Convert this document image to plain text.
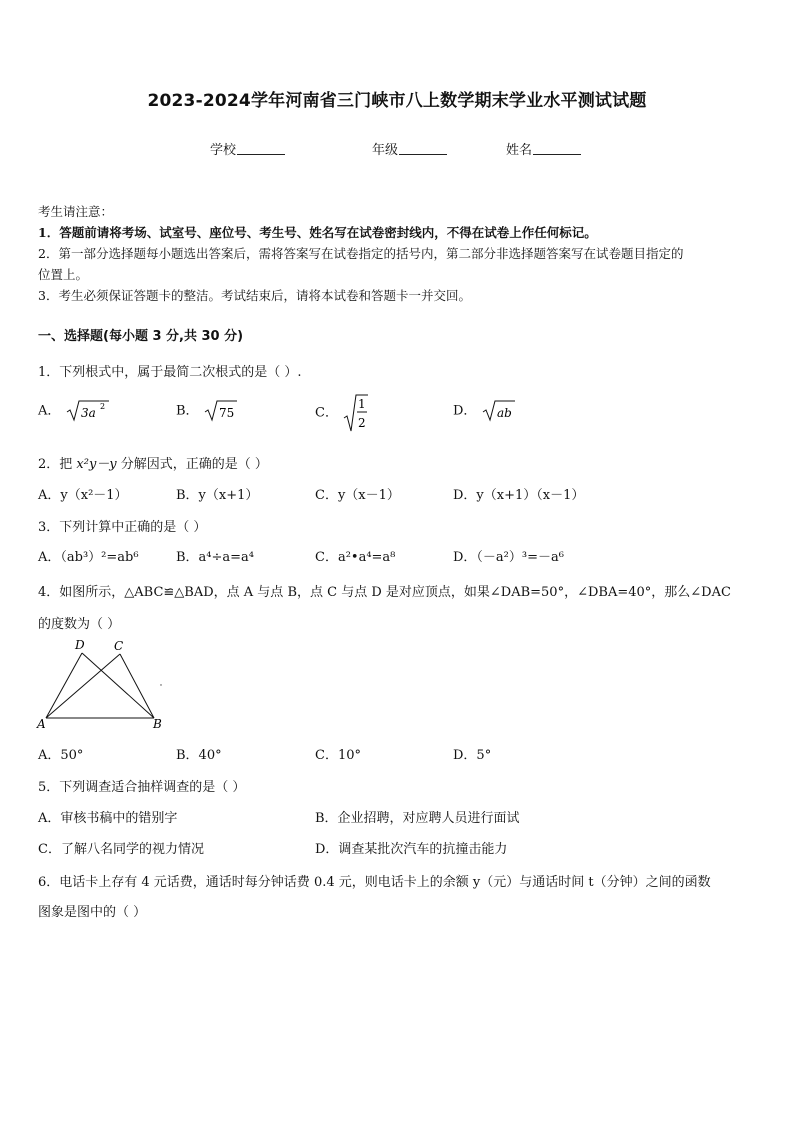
2023-2024学年河南省三门峡市八上数学期末学业水平测试试题
学校	年级	姓名
考生请注意：
1．答题前请将考场、试室号、座位号、考生号、姓名写在试卷密封线内，不得在试卷上作任何标记。
2．第一部分选择题每小题选出答案后，需将答案写在试卷指定的括号内，第二部分非选择题答案写在试卷题目指定的
位置上。
3．考生必须保证答题卡的整洁。考试结束后，请将本试卷和答题卡一并交回。
一、选择题(每小题 3 分,共 30 分)
1．下列根式中，属于最简二次根式的是（ ）.
A． 3a 2	B． 75	C．
1
2
D． ab
2．把 x²y－y 分解因式，正确的是（ ）
A．y（x²－1）	B．y（x+1）	C．y（x－1）	D．y（x+1）（x－1）
3．下列计算中正确的是（ ）
A．（ab³）²=ab⁶	B．a⁴÷a=a⁴	C．a²•a⁴=a⁸	D．（－a²）³=－a⁶
4．如图所示，△ABC≌△BAD，点 A 与点 B，点 C 与点 D 是对应顶点，如果∠DAB=50°，∠DBA=40°，那么∠DAC
的度数为（ ）
D C
A	B
A．50°	B．40°	C．10°	D．5°
5．下列调查适合抽样调查的是（ ）
A．审核书稿中的错别字	B．企业招聘，对应聘人员进行面试
C．了解八名同学的视力情况	D．调查某批次汽车的抗撞击能力
6．电话卡上存有 4 元话费，通话时每分钟话费 0.4 元，则电话卡上的余额 y（元）与通话时间 t（分钟）之间的函数
图象是图中的（ ）
